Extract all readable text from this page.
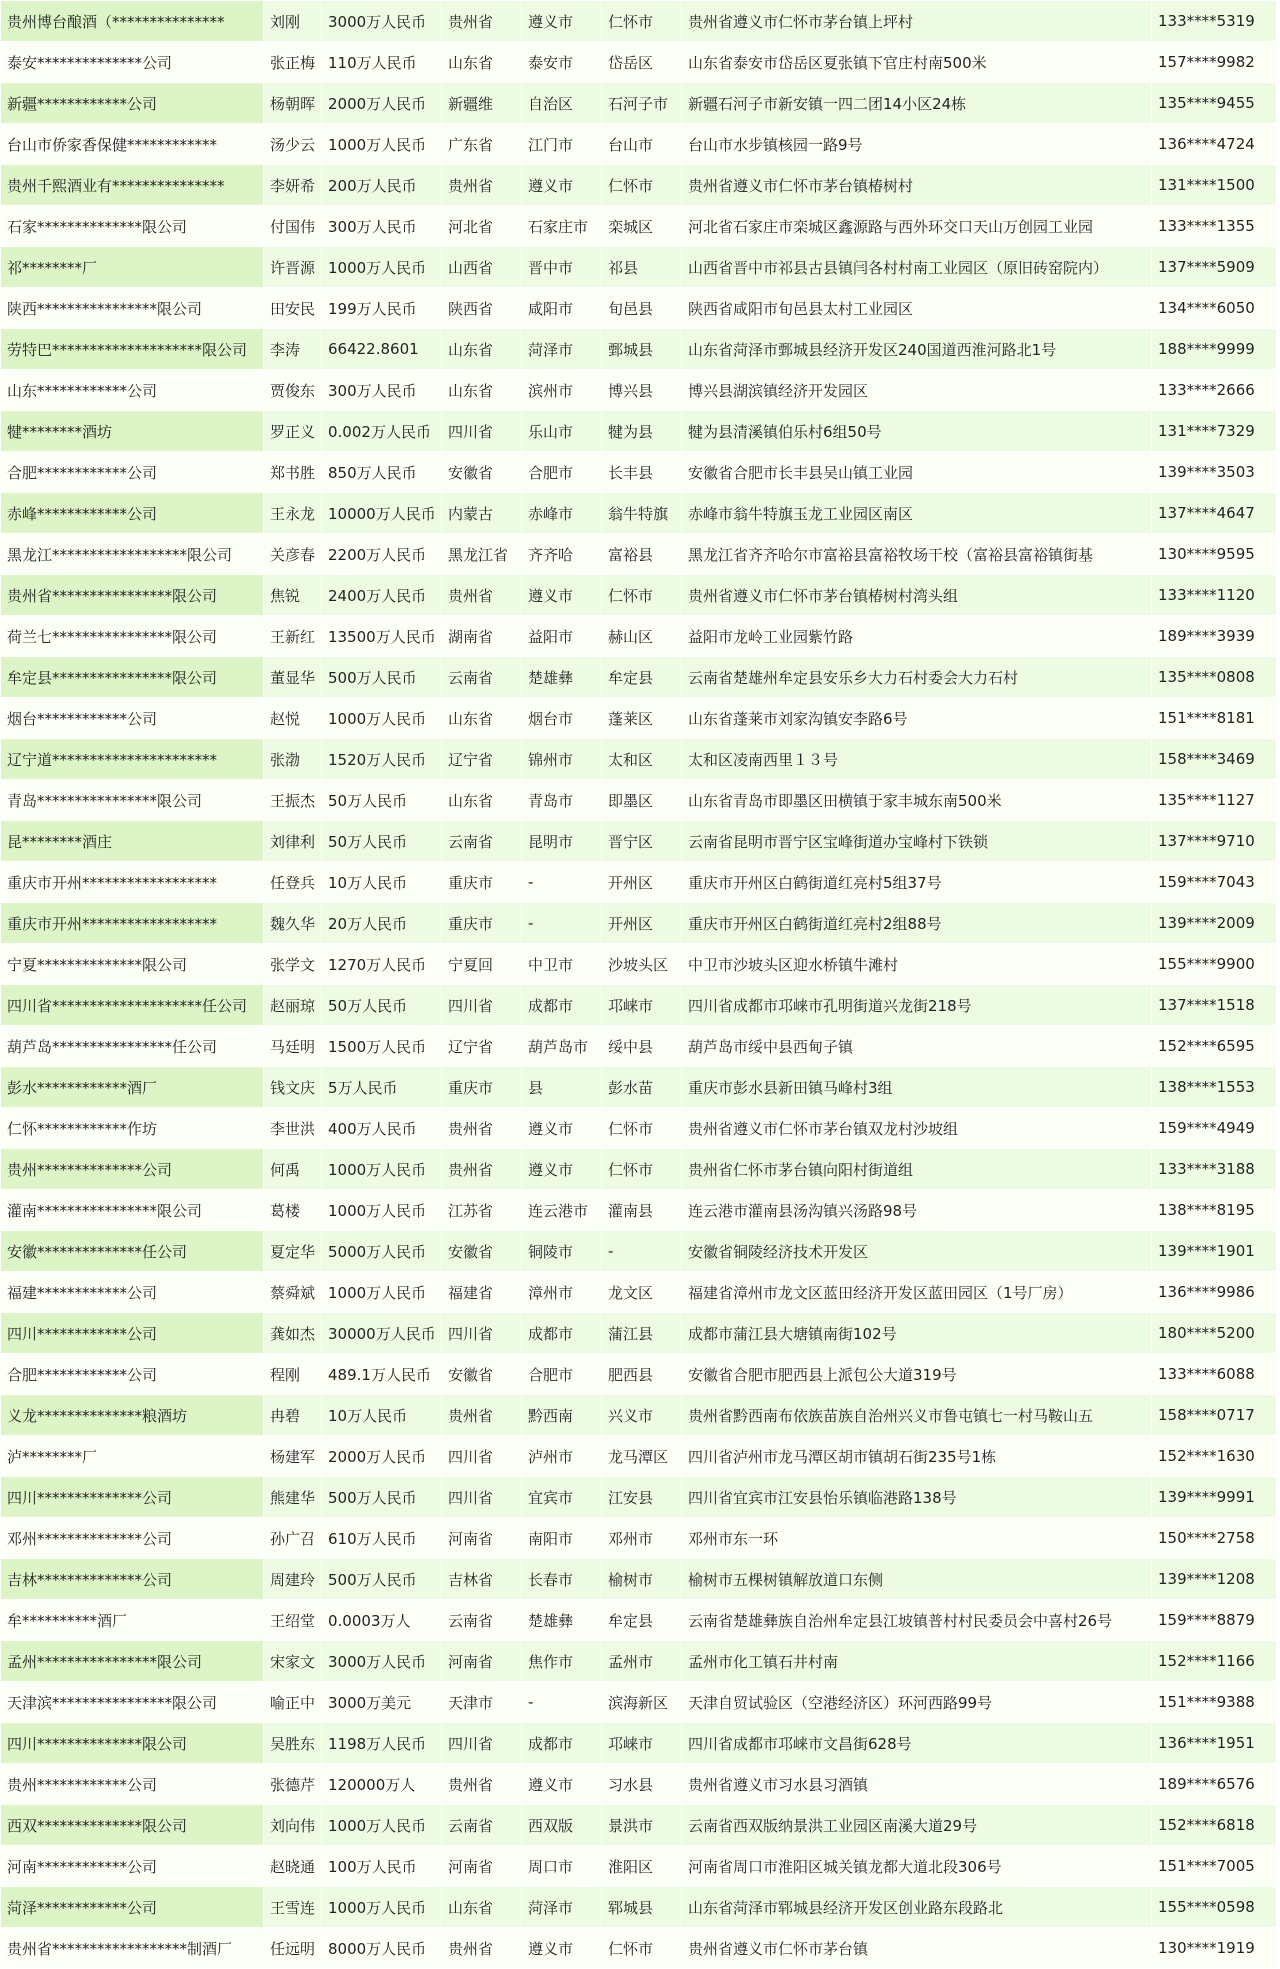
贵州博台酿酒（***************	刘刚	3000万人民币	贵州省	遵义市	仁怀市	贵州省遵义市仁怀市茅台镇上坪村	133****5319
泰安**************公司	张正梅	110万人民币	山东省	泰安市	岱岳区	山东省泰安市岱岳区夏张镇下官庄村南500米	157****9982
新疆************公司	杨朝晖	2000万人民币	新疆维	自治区	石河子市	新疆石河子市新安镇一四二团14小区24栋	135****9455
台山市侨家香保健************	汤少云	1000万人民币	广东省	江门市	台山市	台山市水步镇核园一路9号	136****4724
贵州千熙酒业有***************	李妍希	200万人民币	贵州省	遵义市	仁怀市	贵州省遵义市仁怀市茅台镇椿树村	131****1500
石家**************限公司	付国伟	300万人民币	河北省	石家庄市	栾城区	河北省石家庄市栾城区鑫源路与西外环交口天山万创园工业园	133****1355
祁********厂	许晋源	1000万人民币	山西省	晋中市	祁县	山西省晋中市祁县古县镇闫各村村南工业园区（原旧砖窑院内）	137****5909
陕西****************限公司	田安民	199万人民币	陕西省	咸阳市	旬邑县	陕西省咸阳市旬邑县太村工业园区	134****6050
劳特巴********************限公司	李涛	66422.8601	山东省	菏泽市	鄄城县	山东省菏泽市鄄城县经济开发区240国道西淮河路北1号	188****9999
山东************公司	贾俊东	300万人民币	山东省	滨州市	博兴县	博兴县湖滨镇经济开发园区	133****2666
犍********酒坊	罗正义	0.002万人民币	四川省	乐山市	犍为县	犍为县清溪镇伯乐村6组50号	131****7329
合肥************公司	郑书胜	850万人民币	安徽省	合肥市	长丰县	安徽省合肥市长丰县吴山镇工业园	139****3503
赤峰************公司	王永龙	10000万人民币	内蒙古	赤峰市	翁牛特旗	赤峰市翁牛特旗玉龙工业园区南区	137****4647
黑龙江******************限公司	关彦春	2200万人民币	黑龙江省	齐齐哈	富裕县	黑龙江省齐齐哈尔市富裕县富裕牧场干校（富裕县富裕镇街基	130****9595
贵州省****************限公司	焦锐	2400万人民币	贵州省	遵义市	仁怀市	贵州省遵义市仁怀市茅台镇椿树村湾头组	133****1120
荷兰七****************限公司	王新红	13500万人民币	湖南省	益阳市	赫山区	益阳市龙岭工业园紫竹路	189****3939
牟定县****************限公司	董显华	500万人民币	云南省	楚雄彝	牟定县	云南省楚雄州牟定县安乐乡大力石村委会大力石村	135****0808
烟台************公司	赵悦	1000万人民币	山东省	烟台市	蓬莱区	山东省蓬莱市刘家沟镇安李路6号	151****8181
辽宁道**********************	张渤	1520万人民币	辽宁省	锦州市	太和区	太和区凌南西里１３号	158****3469
青岛****************限公司	王振杰	50万人民币	山东省	青岛市	即墨区	山东省青岛市即墨区田横镇于家丰城东南500米	135****1127
昆********酒庄	刘律利	50万人民币	云南省	昆明市	晋宁区	云南省昆明市晋宁区宝峰街道办宝峰村下铁锁	137****9710
重庆市开州******************	任登兵	10万人民币	重庆市	-	开州区	重庆市开州区白鹤街道红亮村5组37号	159****7043
重庆市开州******************	魏久华	20万人民币	重庆市	-	开州区	重庆市开州区白鹤街道红亮村2组88号	139****2009
宁夏**************限公司	张学文	1270万人民币	宁夏回	中卫市	沙坡头区	中卫市沙坡头区迎水桥镇牛滩村	155****9900
四川省********************任公司	赵丽琼	50万人民币	四川省	成都市	邛崃市	四川省成都市邛崃市孔明街道兴龙街218号	137****1518
葫芦岛****************任公司	马廷明	1500万人民币	辽宁省	葫芦岛市	绥中县	葫芦岛市绥中县西甸子镇	152****6595
彭水************酒厂	钱文庆	5万人民币	重庆市	县	彭水苗	重庆市彭水县新田镇马峰村3组	138****1553
仁怀************作坊	李世洪	400万人民币	贵州省	遵义市	仁怀市	贵州省遵义市仁怀市茅台镇双龙村沙坡组	159****4949
贵州**************公司	何禹	1000万人民币	贵州省	遵义市	仁怀市	贵州省仁怀市茅台镇向阳村街道组	133****3188
灌南****************限公司	葛楼	1000万人民币	江苏省	连云港市	灌南县	连云港市灌南县汤沟镇兴汤路98号	138****8195
安徽**************任公司	夏定华	5000万人民币	安徽省	铜陵市	-	安徽省铜陵经济技术开发区	139****1901
福建************公司	蔡舜斌	1000万人民币	福建省	漳州市	龙文区	福建省漳州市龙文区蓝田经济开发区蓝田园区（1号厂房）	136****9986
四川************公司	龚如杰	30000万人民币	四川省	成都市	蒲江县	成都市蒲江县大塘镇南街102号	180****5200
合肥************公司	程刚	489.1万人民币	安徽省	合肥市	肥西县	安徽省合肥市肥西县上派包公大道319号	133****6088
义龙**************粮酒坊	冉碧	10万人民币	贵州省	黔西南	兴义市	贵州省黔西南布依族苗族自治州兴义市鲁屯镇七一村马鞍山五	158****0717
泸********厂	杨建军	2000万人民币	四川省	泸州市	龙马潭区	四川省泸州市龙马潭区胡市镇胡石街235号1栋	152****1630
四川**************公司	熊建华	500万人民币	四川省	宜宾市	江安县	四川省宜宾市江安县怡乐镇临港路138号	139****9991
邓州**************公司	孙广召	610万人民币	河南省	南阳市	邓州市	邓州市东一环	150****2758
吉林**************公司	周建玲	500万人民币	吉林省	长春市	榆树市	榆树市五棵树镇解放道口东侧	139****1208
牟**********酒厂	王绍堂	0.0003万人	云南省	楚雄彝	牟定县	云南省楚雄彝族自治州牟定县江坡镇普村村民委员会中喜村26号	159****8879
孟州****************限公司	宋家文	3000万人民币	河南省	焦作市	孟州市	孟州市化工镇石井村南	152****1166
天津滨****************限公司	喻正中	3000万美元	天津市	-	滨海新区	天津自贸试验区（空港经济区）环河西路99号	151****9388
四川**************限公司	吴胜东	1198万人民币	四川省	成都市	邛崃市	四川省成都市邛崃市文昌街628号	136****1951
贵州************公司	张德芹	120000万人	贵州省	遵义市	习水县	贵州省遵义市习水县习酒镇	189****6576
西双**************限公司	刘向伟	1000万人民币	云南省	西双版	景洪市	云南省西双版纳景洪工业园区南溪大道29号	152****6818
河南************公司	赵晓通	100万人民币	河南省	周口市	淮阳区	河南省周口市淮阳区城关镇龙都大道北段306号	151****7005
菏泽************公司	王雪连	1000万人民币	山东省	菏泽市	郓城县	山东省菏泽市郓城县经济开发区创业路东段路北	155****0598
贵州省******************制酒厂	任远明	8000万人民币	贵州省	遵义市	仁怀市	贵州省遵义市仁怀市茅台镇	130****1919
